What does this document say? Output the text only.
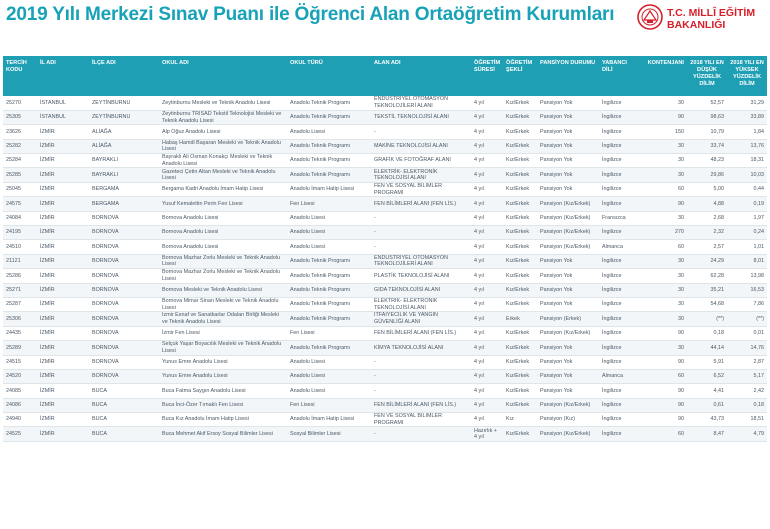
2019 Yılı Merkezi Sınav Puanı ile Öğrenci Alan Ortaöğretim Kurumları	T.C. MİLLÎ EĞİTİM
BAKANLIĞI
TERCİH KODU	İL ADI	İLÇE ADI	OKUL ADI	OKUL TÜRÜ	ALAN ADI	ÖĞRETİM SÜRESİ	ÖĞRETİM ŞEKLİ	PANSİYON DURUMU	YABANCI DİLİ	KONTENJANI	2018 YILI EN DÜŞÜK YÜZDELİK DİLİM	2018 YILI EN YÜKSEK YÜZDELİK DİLİM
25270	İSTANBUL	ZEYTİNBURNU	Zeytinburnu Mesleki ve Teknik Anadolu Lisesi	Anadolu Teknik Programı	ENDÜSTRİYEL OTOMASYON TEKNOLOJİLERİ ALANI	4 yıl	Kız/Erkek	Pansiyon Yok	İngilizce	30	52,57	31,29
25305	İSTANBUL	ZEYTİNBURNU	Zeytinburnu TRİSAD Tekstil Teknolojisi Mesleki ve Teknik Anadolu Lisesi	Anadolu Teknik Programı	TEKSTİL TEKNOLOJİSİ ALANI	4 yıl	Kız/Erkek	Pansiyon Yok	İngilizce	90	98,63	33,89
23626	İZMİR	ALİAĞA	Alp Oğuz Anadolu Lisesi	Anadolu Lisesi	-	4 yıl	Kız/Erkek	Pansiyon Yok	İngilizce	150	10,79	1,84
25282	İZMİR	ALİAĞA	Habaş Hamdi Başaran Mesleki ve Teknik Anadolu Lisesi	Anadolu Teknik Programı	MAKİNE TEKNOLOJİSİ ALANI	4 yıl	Kız/Erkek	Pansiyon Yok	İngilizce	30	33,74	13,76
25284	İZMİR	BAYRAKLI	Bayraklı Ali Osman Konakçı Mesleki ve Teknik Anadolu Lisesi	Anadolu Teknik Programı	GRAFİK VE FOTOĞRAF ALANI	4 yıl	Kız/Erkek	Pansiyon Yok	İngilizce	30	48,23	18,31
25285	İZMİR	BAYRAKLI	Gazeteci Çetin Altan Mesleki ve Teknik Anadolu Lisesi	Anadolu Teknik Programı	ELEKTRİK- ELEKTRONİK TEKNOLOJİSİ ALANI	4 yıl	Kız/Erkek	Pansiyon Yok	İngilizce	30	29,86	10,03
25045	İZMİR	BERGAMA	Bergama Kadri Anadolu İmam Hatip Lisesi	Anadolu İmam Hatip Lisesi	FEN VE SOSYAL BİLİMLER PROGRAMI	4 yıl	Kız/Erkek	Pansiyon Yok	İngilizce	60	5,00	0,44
24575	İZMİR	BERGAMA	Yusuf Kemalettin Perin Fen Lisesi	Fen Lisesi	FEN BİLİMLERİ ALANI (FEN LİS.)	4 yıl	Kız/Erkek	Pansiyon (Kız/Erkek)	İngilizce	90	4,88	0,19
24084	İZMİR	BORNOVA	Bornova Anadolu Lisesi	Anadolu Lisesi	-	4 yıl	Kız/Erkek	Pansiyon (Kız/Erkek)	Fransızca	30	2,68	1,97
24195	İZMİR	BORNOVA	Bornova Anadolu Lisesi	Anadolu Lisesi	-	4 yıl	Kız/Erkek	Pansiyon (Kız/Erkek)	İngilizce	270	2,32	0,24
24510	İZMİR	BORNOVA	Bornova Anadolu Lisesi	Anadolu Lisesi	-	4 yıl	Kız/Erkek	Pansiyon (Kız/Erkek)	Almanca	60	2,57	1,01
21121	İZMİR	BORNOVA	Bornova Mazhar Zorlu Mesleki ve Teknik Anadolu Lisesi	Anadolu Teknik Programı	ENDÜSTRİYEL OTOMASYON TEKNOLOJİLERİ ALANI	4 yıl	Kız/Erkek	Pansiyon Yok	İngilizce	30	24,29	8,01
25286	İZMİR	BORNOVA	Bornova Mazhar Zorlu Mesleki ve Teknik Anadolu Lisesi	Anadolu Teknik Programı	PLASTİK TEKNOLOJİSİ ALANI	4 yıl	Kız/Erkek	Pansiyon Yok	İngilizce	30	62,28	13,98
25271	İZMİR	BORNOVA	Bornova Mesleki ve Teknik Anadolu Lisesi	Anadolu Teknik Programı	GIDA TEKNOLOJİSİ ALANI	4 yıl	Kız/Erkek	Pansiyon Yok	İngilizce	30	35,21	16,53
25287	İZMİR	BORNOVA	Bornova Mimar Sinan Mesleki ve Teknik Anadolu Lisesi	Anadolu Teknik Programı	ELEKTRİK- ELEKTRONİK TEKNOLOJİSİ ALANI	4 yıl	Kız/Erkek	Pansiyon Yok	İngilizce	30	54,68	7,86
25306	İZMİR	BORNOVA	İzmir Esnaf ve Sanatkarlar Odaları Birliği Mesleki ve Teknik Anadolu Lisesi	Anadolu Teknik Programı	İTFAİYECİLİK VE YANGIN GÜVENLİĞİ ALANI	4 yıl	Erkek	Pansiyon (Erkek)	İngilizce	30	(**)	(**)
24435	İZMİR	BORNOVA	İzmir Fen Lisesi	Fen Lisesi	FEN BİLİMLERİ ALANI (FEN LİS.)	4 yıl	Kız/Erkek	Pansiyon (Kız/Erkek)	İngilizce	90	0,18	0,01
25289	İZMİR	BORNOVA	Selçuk Yaşar Boyacılık Mesleki ve Teknik Anadolu Lisesi	Anadolu Teknik Programı	KİMYA TEKNOLOJİSİ ALANI	4 yıl	Kız/Erkek	Pansiyon Yok	İngilizce	30	44,14	14,76
24515	İZMİR	BORNOVA	Yunus Emre Anadolu Lisesi	Anadolu Lisesi	-	4 yıl	Kız/Erkek	Pansiyon Yok	İngilizce	90	5,91	2,87
24520	İZMİR	BORNOVA	Yunus Emre Anadolu Lisesi	Anadolu Lisesi	-	4 yıl	Kız/Erkek	Pansiyon Yok	Almanca	60	6,52	5,17
24085	İZMİR	BUCA	Buca Fatma Saygın Anadolu Lisesi	Anadolu Lisesi	-	4 yıl	Kız/Erkek	Pansiyon Yok	İngilizce	90	4,41	2,42
24086	İZMİR	BUCA	Buca İnci-Özer Tırnaklı Fen Lisesi	Fen Lisesi	FEN BİLİMLERİ ALANI (FEN LİS.)	4 yıl	Kız/Erkek	Pansiyon (Kız/Erkek)	İngilizce	90	0,61	0,18
24940	İZMİR	BUCA	Buca Kız Anadolu İmam Hatip Lisesi	Anadolu İmam Hatip Lisesi	FEN VE SOSYAL BİLİMLER PROGRAMI	4 yıl	Kız	Pansiyon (Kız)	İngilizce	90	43,73	18,51
24525	İZMİR	BUCA	Buca Mehmet Akif Ersoy Sosyal Bilimler Lisesi	Sosyal Bilimler Lisesi	-	Hazırlık + 4 yıl	Kız/Erkek	Pansiyon (Kız/Erkek)	İngilizce	60	8,47	4,79
